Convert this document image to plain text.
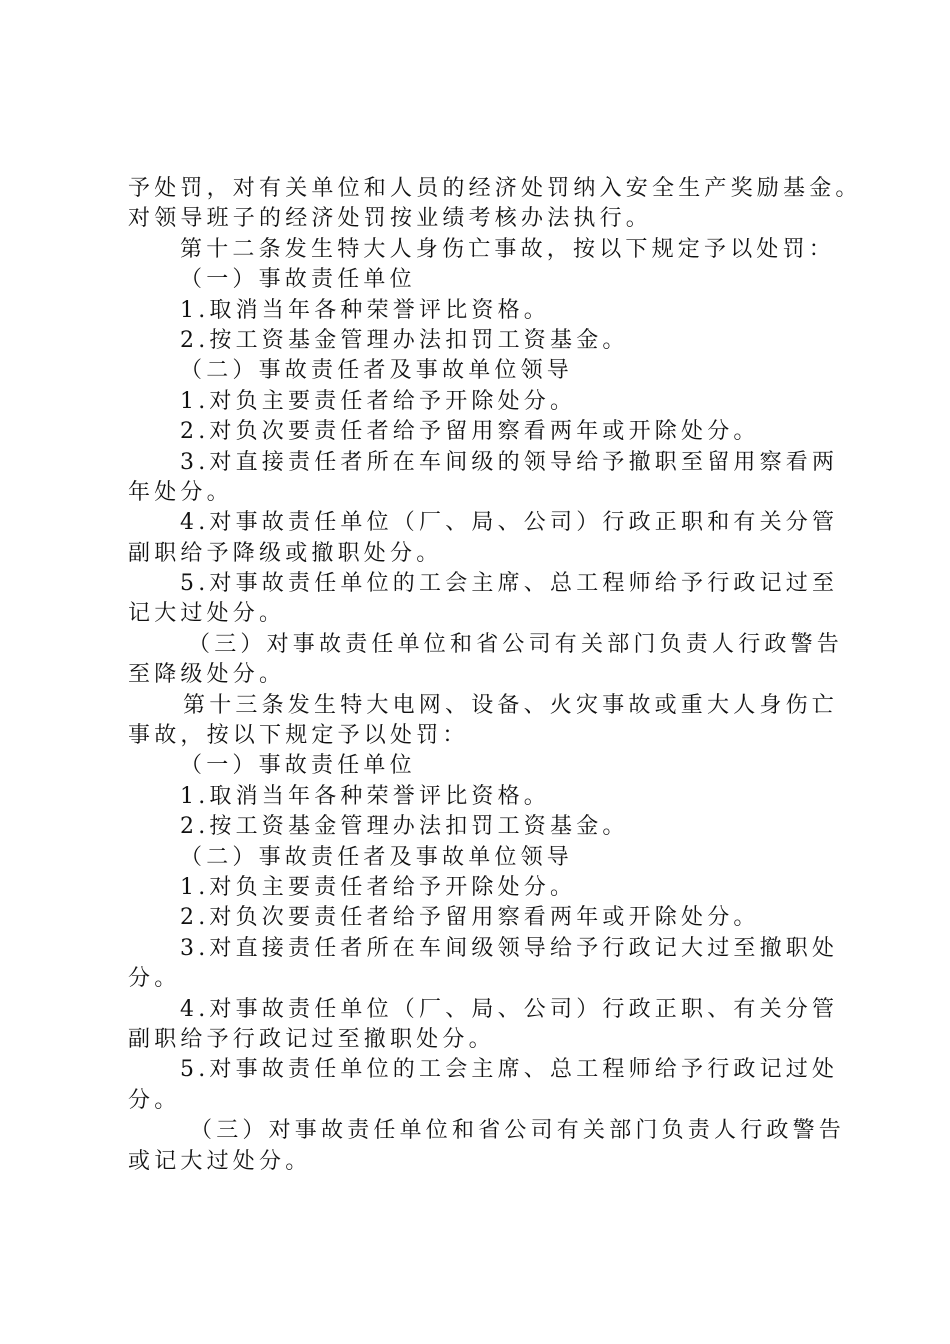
予处罚，对有关单位和人员的经济处罚纳入安全生产奖励基金。
对领导班子的经济处罚按业绩考核办法执行。
第十二条发生特大人身伤亡事故，按以下规定予以处罚：
（一）事故责任单位
1.取消当年各种荣誉评比资格。
2.按工资基金管理办法扣罚工资基金。
（二）事故责任者及事故单位领导
1.对负主要责任者给予开除处分。
2.对负次要责任者给予留用察看两年或开除处分。
3.对直接责任者所在车间级的领导给予撤职至留用察看两
年处分。
4.对事故责任单位（厂、局、公司）行政正职和有关分管
副职给予降级或撤职处分。
5.对事故责任单位的工会主席、总工程师给予行政记过至
记大过处分。
（三）对事故责任单位和省公司有关部门负责人行政警告
至降级处分。
第十三条发生特大电网、设备、火灾事故或重大人身伤亡
事故，按以下规定予以处罚：
（一）事故责任单位
1.取消当年各种荣誉评比资格。
2.按工资基金管理办法扣罚工资基金。
（二）事故责任者及事故单位领导
1.对负主要责任者给予开除处分。
2.对负次要责任者给予留用察看两年或开除处分。
3.对直接责任者所在车间级领导给予行政记大过至撤职处
分。
4.对事故责任单位（厂、局、公司）行政正职、有关分管
副职给予行政记过至撤职处分。
5.对事故责任单位的工会主席、总工程师给予行政记过处
分。
（三）对事故责任单位和省公司有关部门负责人行政警告
或记大过处分。
